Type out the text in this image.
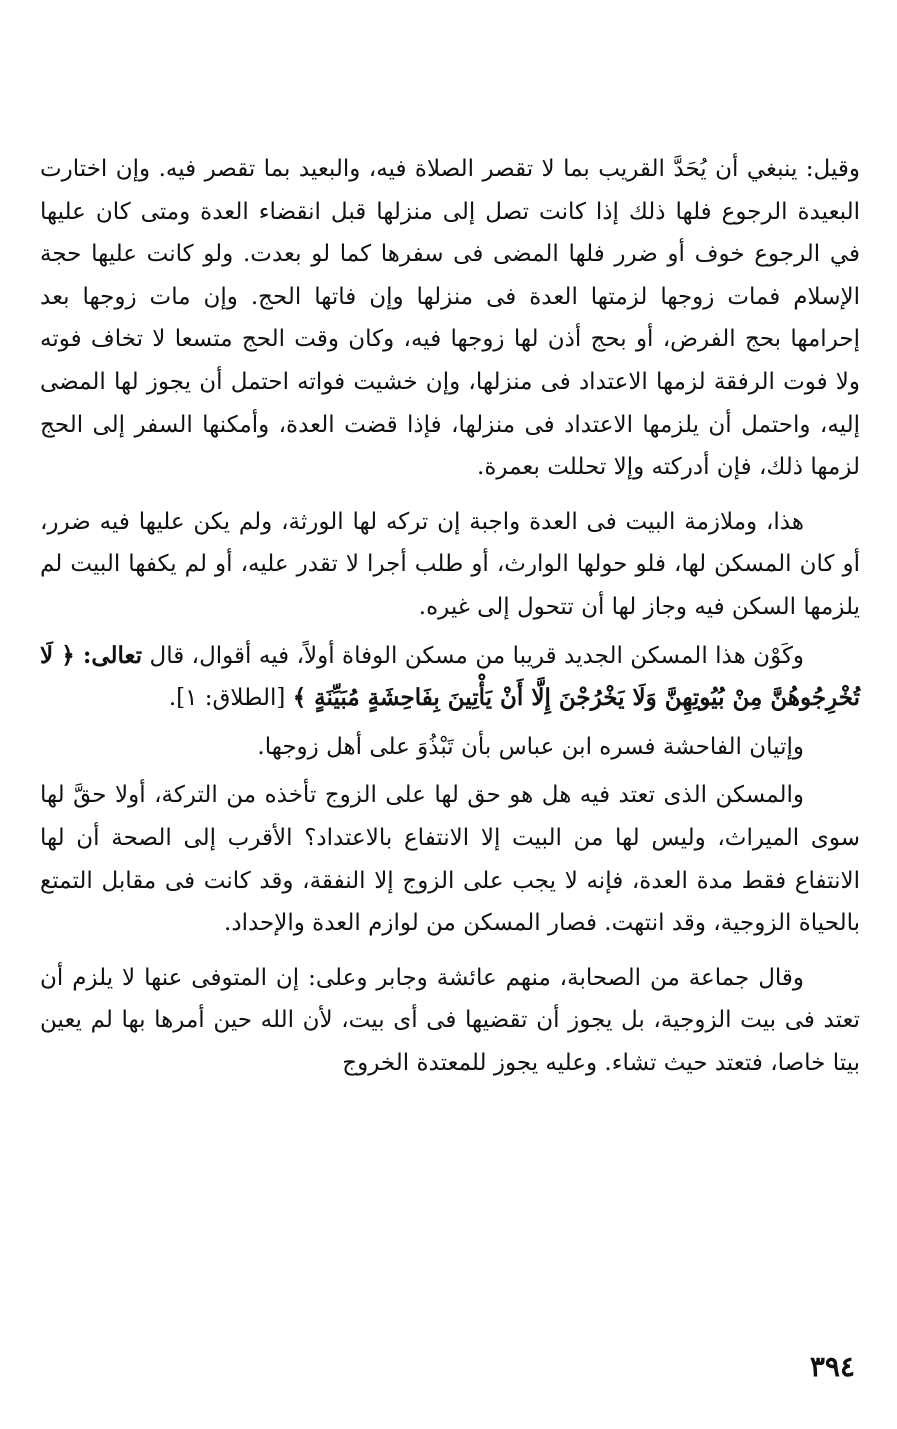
وقيل: ينبغي أن يُحَدَّ القريب بما لا تقصر الصلاة فيه، والبعيد بما تقصر فيه. وإن اختارت البعيدة الرجوع فلها ذلك إذا كانت تصل إلى منزلها قبل انقضاء العدة ومتى كان عليها في الرجوع خوف أو ضرر فلها المضى فى سفرها كما لو بعدت. ولو كانت عليها حجة الإسلام فمات زوجها لزمتها العدة فى منزلها وإن فاتها الحج. وإن مات زوجها بعد إحرامها بحج الفرض، أو بحج أذن لها زوجها فيه، وكان وقت الحج متسعا لا تخاف فوته ولا فوت الرفقة لزمها الاعتداد فى منزلها، وإن خشيت فواته احتمل أن يجوز لها المضى إليه، واحتمل أن يلزمها الاعتداد فى منزلها، فإذا قضت العدة، وأمكنها السفر إلى الحج لزمها ذلك، فإن أدركته وإلا تحللت بعمرة.

هذا، وملازمة البيت فى العدة واجبة إن تركه لها الورثة، ولم يكن عليها فيه ضرر، أو كان المسكن لها، فلو حولها الوارث، أو طلب أجرا لا تقدر عليه، أو لم يكفها البيت لم يلزمها السكن فيه وجاز لها أن تتحول إلى غيره.

وكَوْن هذا المسكن الجديد قريبا من مسكن الوفاة أولاً، فيه أقوال، قال تعالى: ﴿ لَا تُخْرِجُوهُنَّ مِنْ بُيُوتِهِنَّ وَلَا يَخْرُجْنَ إِلَّا أَنْ يَأْتِينَ بِفَاحِشَةٍ مُبَيِّنَةٍ ﴾ [الطلاق: ١].

وإتيان الفاحشة فسره ابن عباس بأن تَبْذُوَ على أهل زوجها.

والمسكن الذى تعتد فيه هل هو حق لها على الزوج تأخذه من التركة، أولا حقَّ لها سوى الميراث، وليس لها من البيت إلا الانتفاع بالاعتداد؟ الأقرب إلى الصحة أن لها الانتفاع فقط مدة العدة، فإنه لا يجب على الزوج إلا النفقة، وقد كانت فى مقابل التمتع بالحياة الزوجية، وقد انتهت. فصار المسكن من لوازم العدة والإحداد.

وقال جماعة من الصحابة، منهم عائشة وجابر وعلى: إن المتوفى عنها لا يلزم أن تعتد فى بيت الزوجية، بل يجوز أن تقضيها فى أى بيت، لأن الله حين أمرها بها لم يعين بيتا خاصا، فتعتد حيث تشاء. وعليه يجوز للمعتدة الخروج

٣٩٤
